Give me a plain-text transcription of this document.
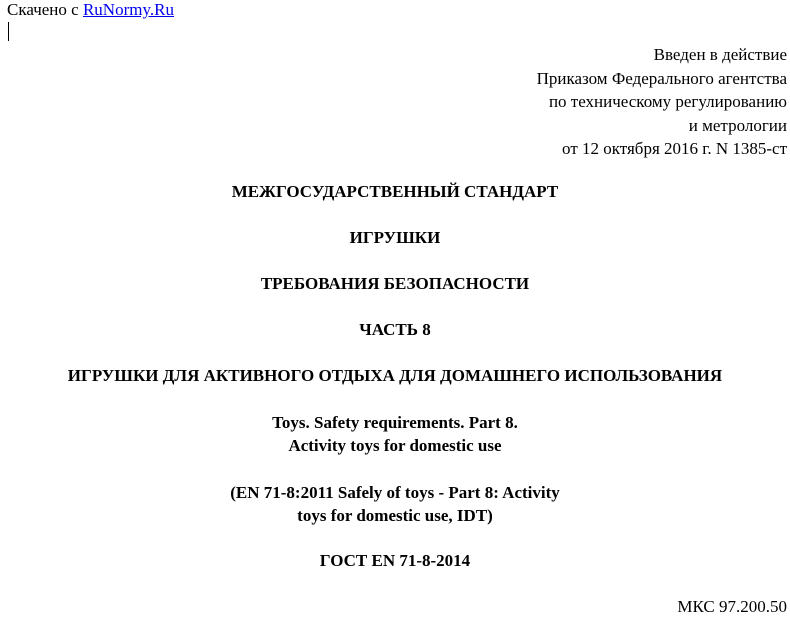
Скачено с RuNormy.Ru
Введен в действие
Приказом Федерального агентства
по техническому регулированию
и метрологии
от 12 октября 2016 г. N 1385-ст
МЕЖГОСУДАРСТВЕННЫЙ СТАНДАРТ
ИГРУШКИ
ТРЕБОВАНИЯ БЕЗОПАСНОСТИ
ЧАСТЬ 8
ИГРУШКИ ДЛЯ АКТИВНОГО ОТДЫХА ДЛЯ ДОМАШНЕГО ИСПОЛЬЗОВАНИЯ
Toys. Safety requirements. Part 8.
Activity toys for domestic use
(EN 71-8:2011 Safely of toys - Part 8: Activity
toys for domestic use, IDT)
ГОСТ EN 71-8-2014
МКС 97.200.50
